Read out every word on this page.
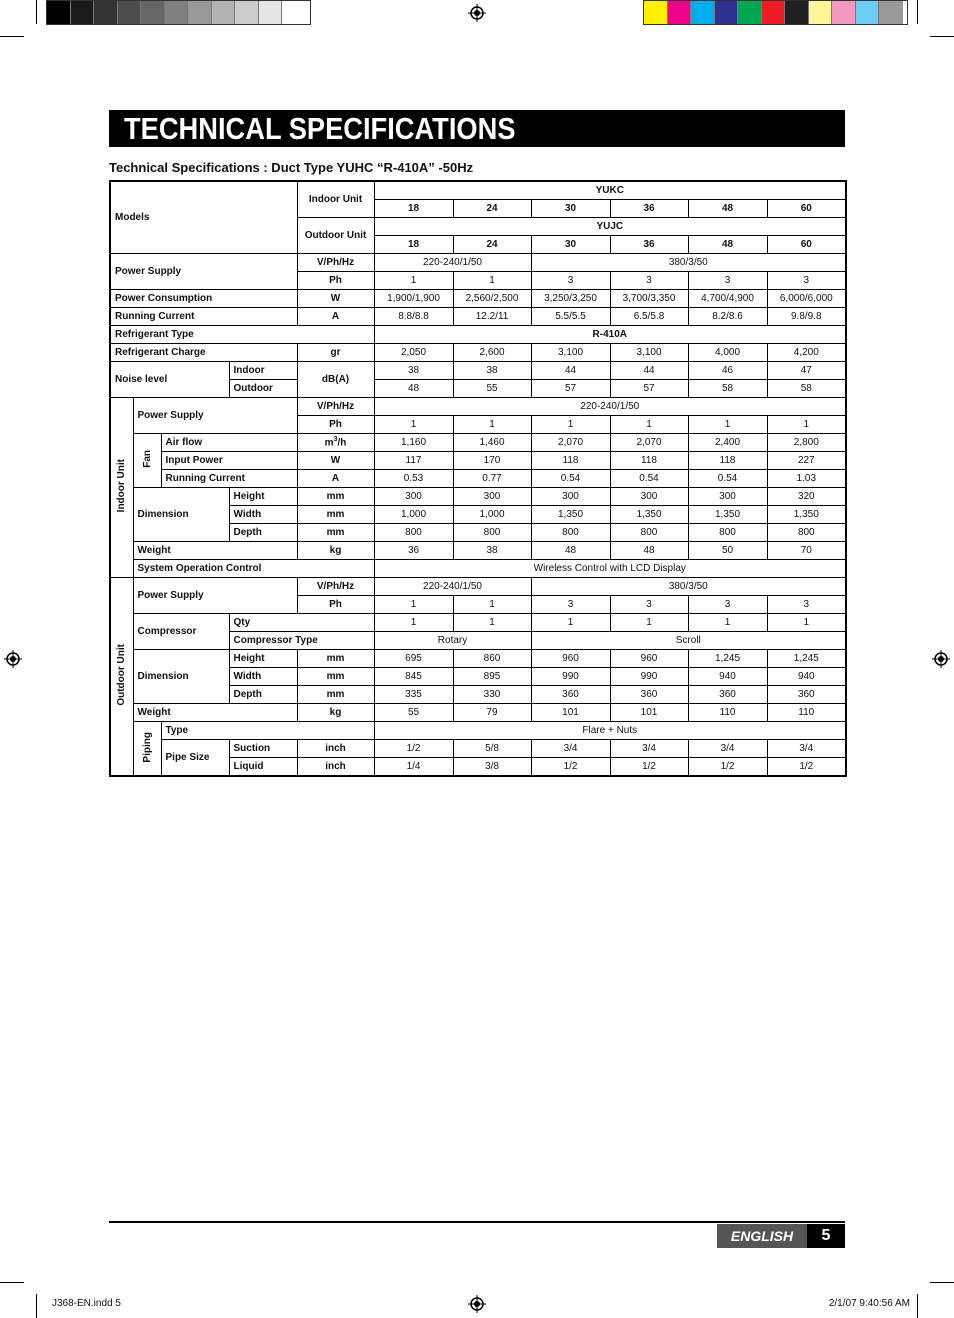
TECHNICAL SPECIFICATIONS
Technical Specifications : Duct Type YUHC “R-410A” -50Hz
Models				Indoor Unit	YUKC					
					18	24	30	36	48	60
				Outdoor Unit	YUJC					
					18	24	30	36	48	60
Power Supply				V/Ph/Hz	220-240/1/50		380/3/50			
				Ph	1	1	3	3	3	3
Power Consumption				W	1,900/1,900	2,560/2,500	3,250/3,250	3,700/3,350	4,700/4,900	6,000/6,000
Running Current				A	8.8/8.8	12.2/11	5.5/5.5	6.5/5.8	8.2/8.6	9.8/9.8
Refrigerant Type					R-410A					
Refrigerant Charge				gr	2,050	2,600	3,100	3,100	4,000	4,200
Noise level			Indoor	dB(A)	38	38	44	44	46	47
			Outdoor		48	55	57	57	58	58
Indoor Unit	Power Supply			V/Ph/Hz	220-240/1/50					
				Ph	1	1	1	1	1	1
	Fan	Air flow		$m^3/h$	1,160	1,460	2,070	2,070	2,400	2,800
		Input Power		W	117	170	118	118	118	227
		Running Current		A	0.53	0.77	0.54	0.54	0.54	1.03
	Dimension		Height	mm	300	300	300	300	300	320
			Width	mm	1,000	1,000	1,350	1,350	1,350	1,350
			Depth	mm	800	800	800	800	800	800
	Weight			kg	36	38	48	48	50	70
	System Operation Control				Wireless Control with LCD Display					
Outdoor Unit	Power Supply			V/Ph/Hz	220-240/1/50		380/3/50			
				Ph	1	1	3	3	3	3
	Compressor		Qty		1	1	1	1	1	1
			Compressor Type		Rotary		Scroll			
	Dimension		Height	mm	695	860	960	960	1,245	1,245
			Width	mm	845	895	990	990	940	940
			Depth	mm	335	330	360	360	360	360
	Weight			kg	55	79	101	101	110	110
	Piping	Type			Flare + Nuts					
		Pipe Size	Suction	inch	1/2	5/8	3/4	3/4	3/4	3/4
			Liquid	inch	1/4	3/8	1/2	1/2	1/2	1/2
ENGLISH	5
J368-EN.indd 5	2/1/07 9:40:56 AM
